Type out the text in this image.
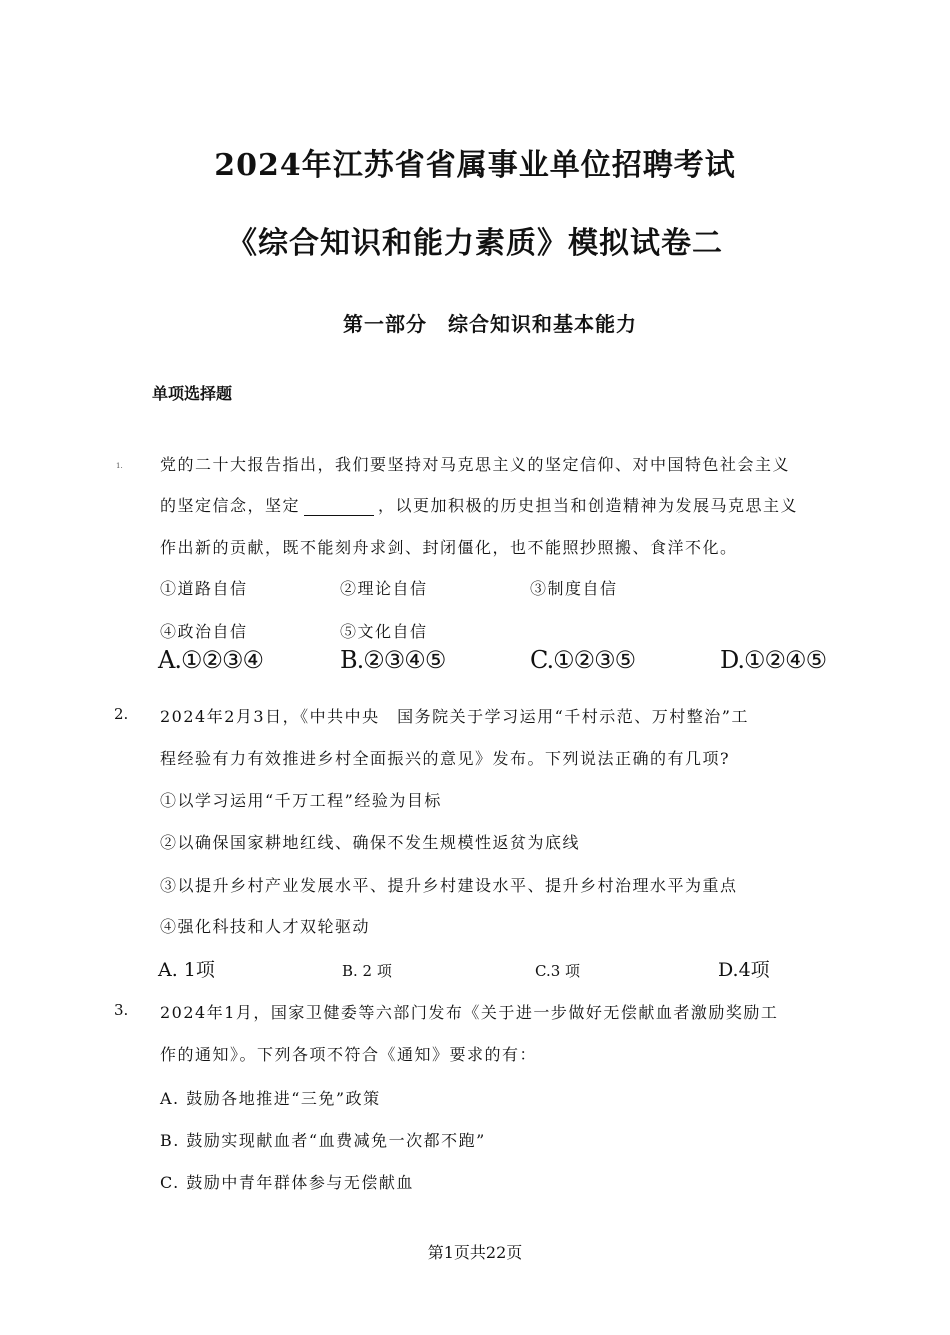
2024年江苏省省属事业单位招聘考试
《综合知识和能力素质》模拟试卷二
第一部分　综合知识和基本能力
单项选择题
1. 党的二十大报告指出，我们要坚持对马克思主义的坚定信仰、对中国特色社会主义
的坚定信念，坚定	，以更加积极的历史担当和创造精神为发展马克思主义
作出新的贡献，既不能刻舟求剑、封闭僵化，也不能照抄照搬、食洋不化。
①道路自信	②理论自信	③制度自信
④政治自信	⑤文化自信
A.①②③④	B.②③④⑤	C.①②③⑤	D.①②④⑤
2. 2024年2月3日，《中共中央　国务院关于学习运用“千村示范、万村整治”工
程经验有力有效推进乡村全面振兴的意见》发布。下列说法正确的有几项?
①以学习运用“千万工程”经验为目标
②以确保国家耕地红线、确保不发生规模性返贫为底线
③以提升乡村产业发展水平、提升乡村建设水平、提升乡村治理水平为重点
④强化科技和人才双轮驱动
A. 1项	B. 2 项	C.3 项	D.4项
3. 2024年1月，国家卫健委等六部门发布《关于进一步做好无偿献血者激励奖励工
作的通知》。下列各项不符合《通知》要求的有：
A. 鼓励各地推进“三免”政策
B. 鼓励实现献血者“血费减免一次都不跑”
C. 鼓励中青年群体参与无偿献血
第1页共22页
